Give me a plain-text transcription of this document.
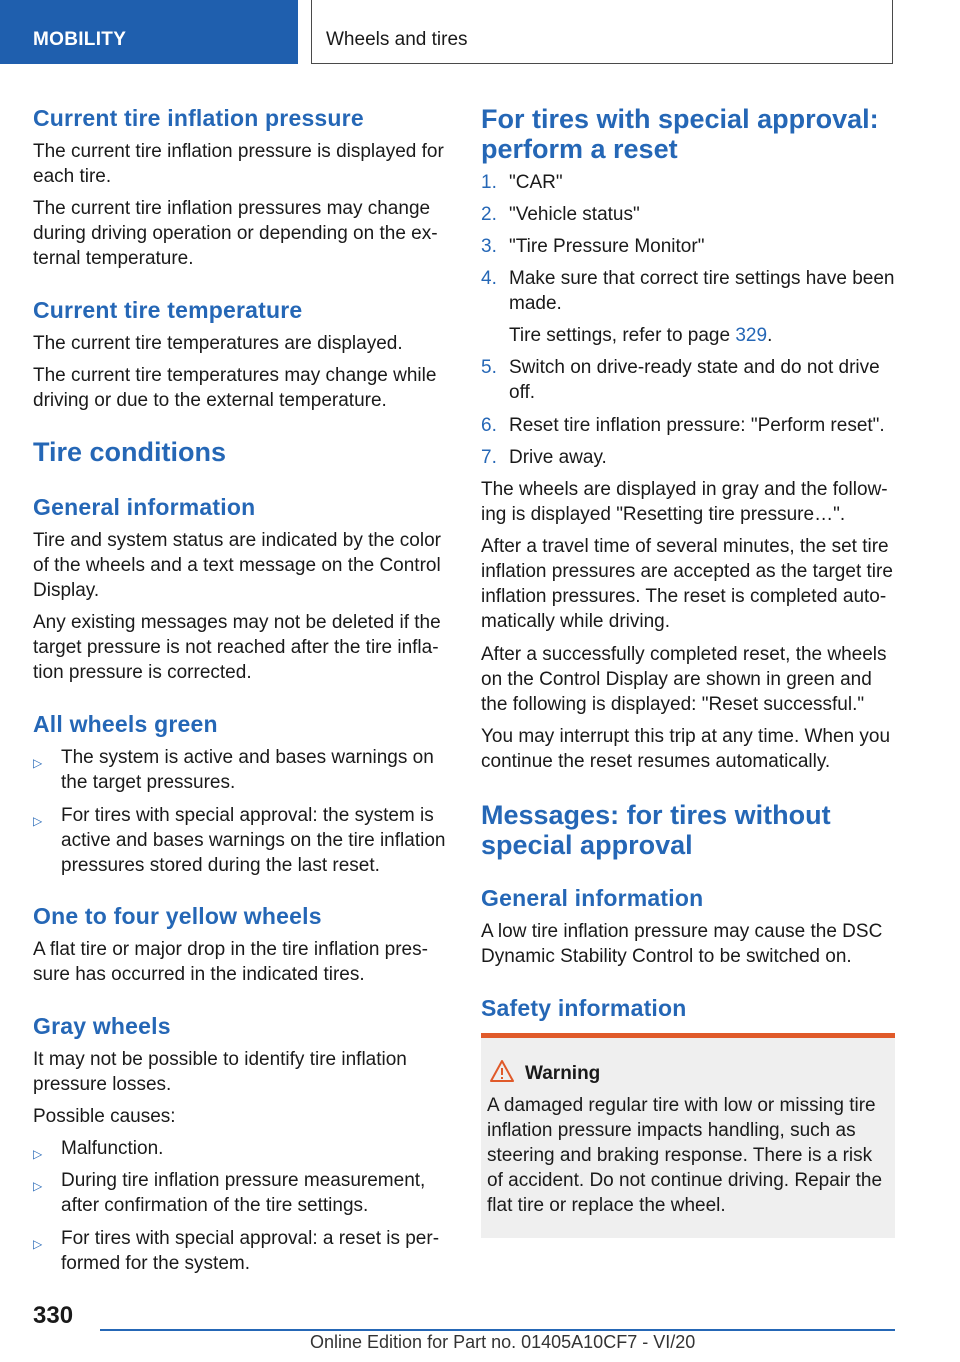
MOBILITY	Wheels and tires
Current tire inflation pressure

The current tire inflation pressure is displayed for each tire.

The current tire inflation pressures may change during driving operation or depending on the ex-ternal temperature.

Current tire temperature

The current tire temperatures are displayed.

The current tire temperatures may change while driving or due to the external temperature.

Tire conditions
General information

Tire and system status are indicated by the color of the wheels and a text message on the Control Display.

Any existing messages may not be deleted if the target pressure is not reached after the tire infla-tion pressure is corrected.

All wheels green
▷ The system is active and bases warnings on the target pressures.
▷ For tires with special approval: the system is active and bases warnings on the tire inflation pressures stored during the last reset.
One to four yellow wheels

A flat tire or major drop in the tire inflation pres-sure has occurred in the indicated tires.

Gray wheels

It may not be possible to identify tire inflation pressure losses.

Possible causes:

▷ Malfunction.
▷ During tire inflation pressure measurement, after confirmation of the tire settings.
▷ For tires with special approval: a reset is per-formed for the system.
For tires with special approval: perform a reset
1. "CAR"
2. "Vehicle status"
3. "Tire Pressure Monitor"
4. Make sure that correct tire settings have been made.
Tire settings, refer to page 329.
5. Switch on drive-ready state and do not drive off.
6. Reset tire inflation pressure: "Perform reset".
7. Drive away.

The wheels are displayed in gray and the follow-ing is displayed "Resetting tire pressure…".

After a travel time of several minutes, the set tire inflation pressures are accepted as the target tire inflation pressures. The reset is completed auto-matically while driving.

After a successfully completed reset, the wheels on the Control Display are shown in green and the following is displayed: "Reset successful."

You may interrupt this trip at any time. When you continue the reset resumes automatically.

Messages: for tires without special approval
General information

A low tire inflation pressure may cause the DSC Dynamic Stability Control to be switched on.

Safety information
Warning
A damaged regular tire with low or missing tire inflation pressure impacts handling, such as steering and braking response. There is a risk of accident. Do not continue driving. Repair the flat tire or replace the wheel.
330
Online Edition for Part no. 01405A10CF7 - VI/20
